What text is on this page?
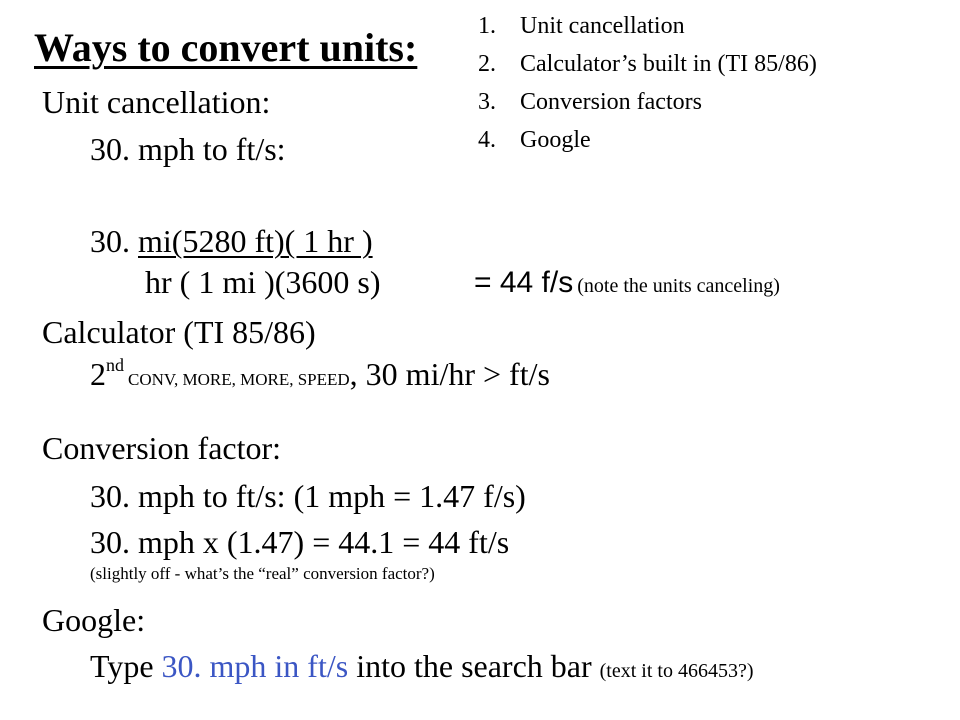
Ways to convert units:	1. Unit cancellation
2. Calculator’s built in (TI 85/86)
3. Conversion factors
4. Google
Unit cancellation:
30. mph to ft/s:
30. mi(5280 ft)( 1 hr )
hr ( 1 mi )(3600 s)	= 44 f/s (note the units canceling)
Calculator (TI 85/86)
2nd CONV, MORE, MORE, SPEED, 30 mi/hr > ft/s
Conversion factor:
30. mph to ft/s: (1 mph = 1.47 f/s)
30. mph x (1.47) = 44.1 = 44 ft/s
(slightly off - what’s the “real” conversion factor?)
Google:
Type 30. mph in ft/s into the search bar (text it to 466453?)
